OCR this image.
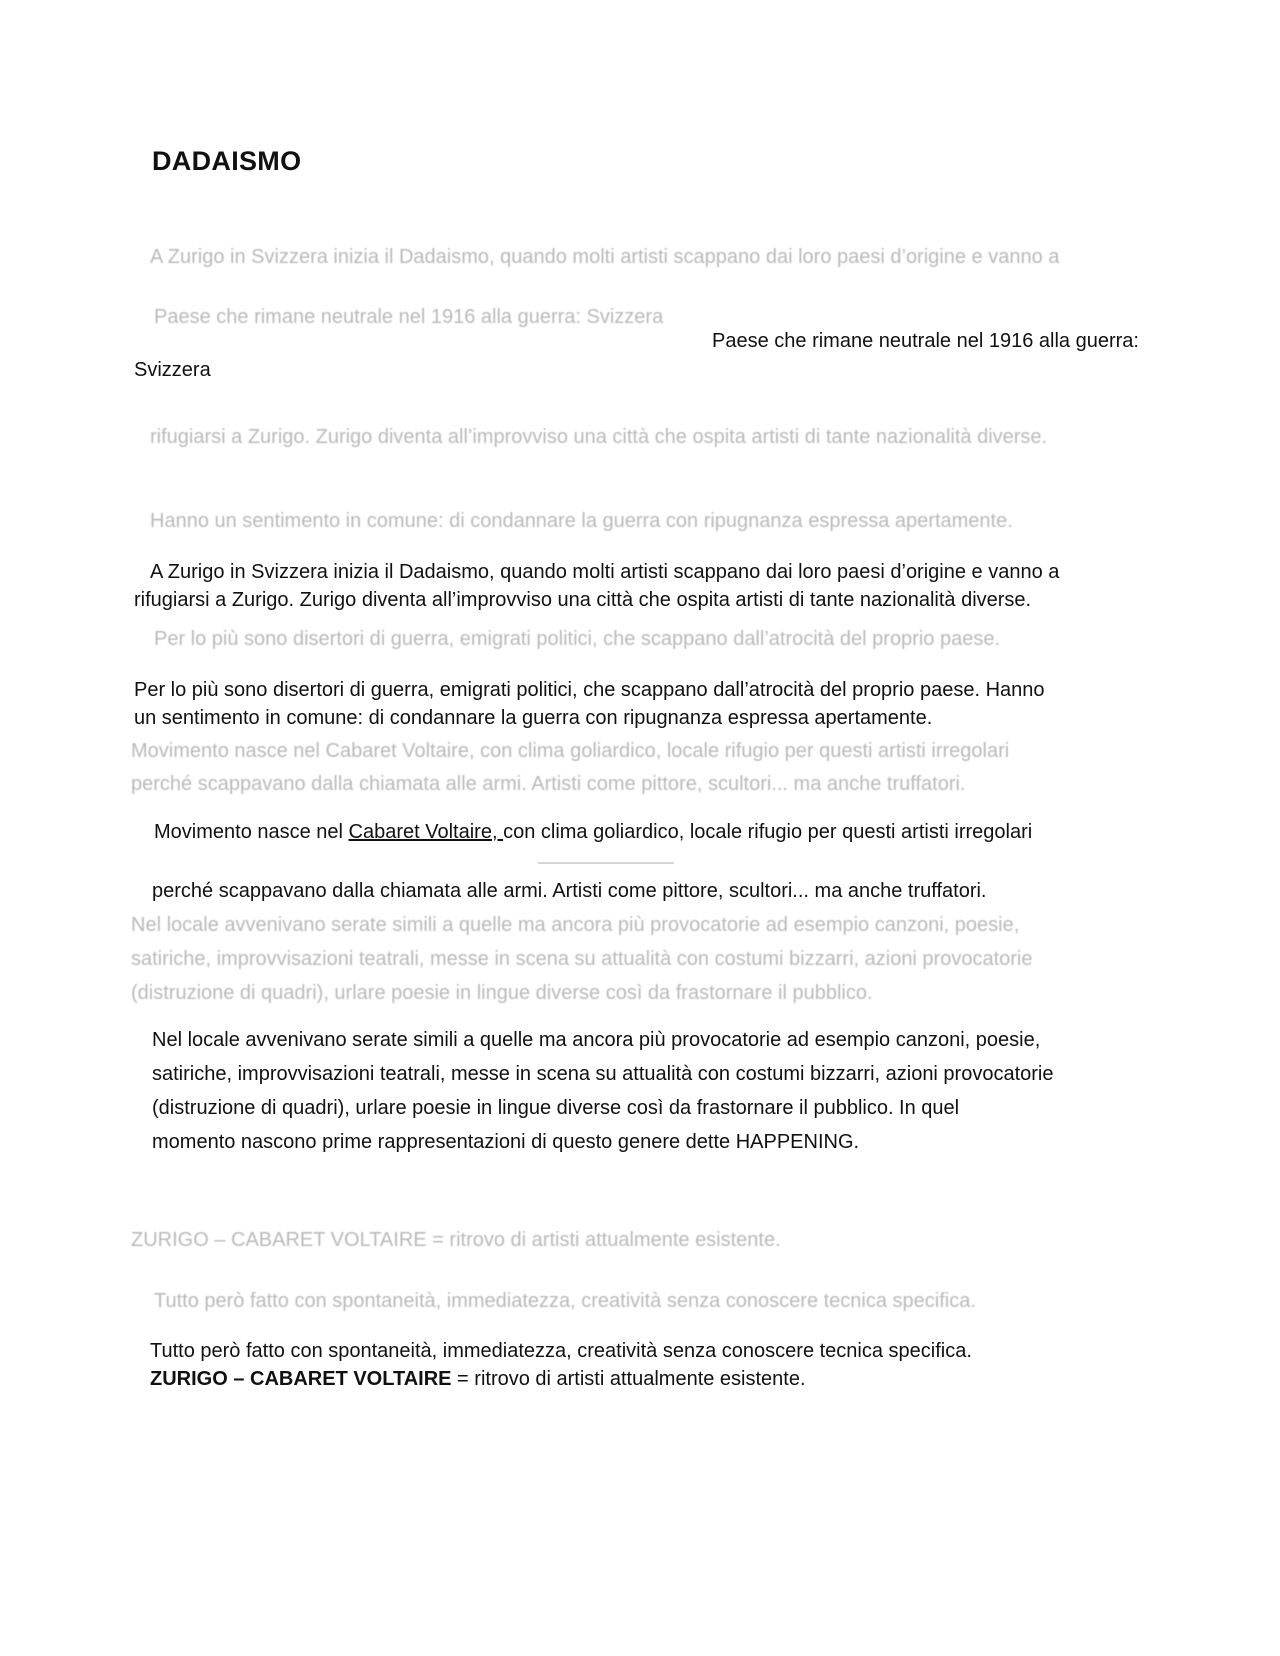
DADAISMO

A Zurigo in Svizzera inizia il Dadaismo, quando molti artisti scappano dai loro paesi d’origine e vanno a

Paese che rimane neutrale nel 1916 alla guerra: Svizzera

rifugiarsi a Zurigo. Zurigo diventa all’improvviso una città che ospita artisti di tante nazionalità diverse.

Hanno un sentimento in comune: di condannare la guerra con ripugnanza espressa apertamente.

Per lo più sono disertori di guerra, emigrati politici, che scappano dall’atrocità del proprio paese.

Movimento nasce nel Cabaret Voltaire, con clima goliardico, locale rifugio per questi artisti irregolari

perché scappavano dalla chiamata alle armi. Artisti come pittore, scultori... ma anche truffatori.

Nel locale avvenivano serate simili a quelle ma ancora più provocatorie ad esempio canzoni, poesie,

satiriche, improvvisazioni teatrali, messe in scena su attualità con costumi bizzarri, azioni provocatorie

(distruzione di quadri), urlare poesie in lingue diverse così da frastornare il pubblico.

ZURIGO – CABARET VOLTAIRE = ritrovo di artisti attualmente esistente.

Tutto però fatto con spontaneità, immediatezza, creatività senza conoscere tecnica specifica.

Paese che rimane neutrale nel 1916 alla guerra:

Svizzera

A Zurigo in Svizzera inizia il Dadaismo, quando molti artisti scappano dai loro paesi d’origine e vanno a

rifugiarsi a Zurigo. Zurigo diventa all’improvviso una città che ospita artisti di tante nazionalità diverse.

Per lo più sono disertori di guerra, emigrati politici, che scappano dall’atrocità del proprio paese. Hanno

un sentimento in comune: di condannare la guerra con ripugnanza espressa apertamente.

Movimento nasce nel Cabaret Voltaire, con clima goliardico, locale rifugio per questi artisti irregolari

perché scappavano dalla chiamata alle armi. Artisti come pittore, scultori... ma anche truffatori.

Nel locale avvenivano serate simili a quelle ma ancora più provocatorie ad esempio canzoni, poesie,

satiriche, improvvisazioni teatrali, messe in scena su attualità con costumi bizzarri, azioni provocatorie

(distruzione di quadri), urlare poesie in lingue diverse così da frastornare il pubblico. In quel

momento nascono prime rappresentazioni di questo genere dette HAPPENING.

Tutto però fatto con spontaneità, immediatezza, creatività senza conoscere tecnica specifica.

ZURIGO – CABARET VOLTAIRE = ritrovo di artisti attualmente esistente.
